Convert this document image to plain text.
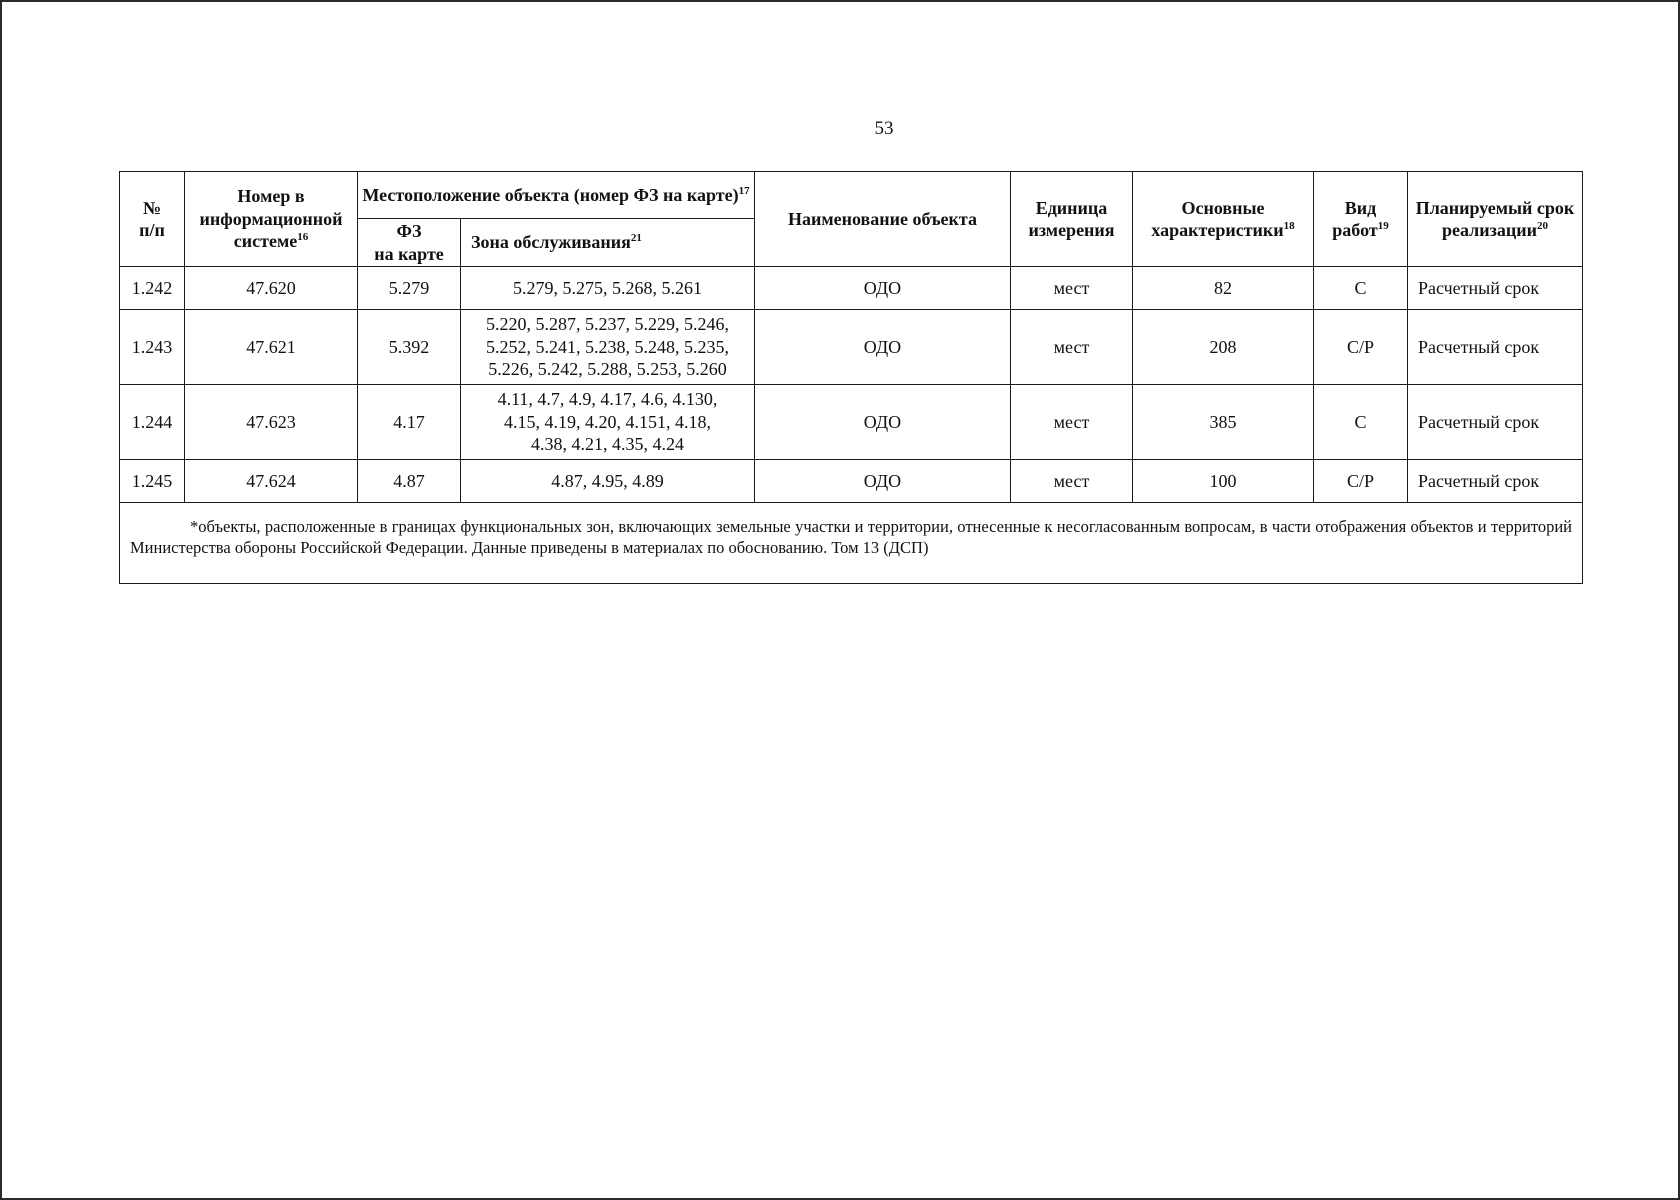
53
№
п/п	Номер в информационной системе$^{16}$	Местоположение объекта (номер ФЗ на карте)$^{17}$		Наименование объекта	Единица измерения	Основные характеристики$^{18}$	Вид работ$^{19}$	Планируемый срок реализации$^{20}$
		ФЗ
на карте	Зона обслуживания$^{21}$
1.242	47.620	5.279	5.279, 5.275, 5.268, 5.261	ОДО	мест	82	С	Расчетный срок
1.243	47.621	5.392	5.220, 5.287, 5.237, 5.229, 5.246,
5.252, 5.241, 5.238, 5.248, 5.235,
5.226, 5.242, 5.288, 5.253, 5.260	ОДО	мест	208	С/Р	Расчетный срок
1.244	47.623	4.17	4.11, 4.7, 4.9, 4.17, 4.6, 4.130,
4.15, 4.19, 4.20, 4.151, 4.18,
4.38, 4.21, 4.35, 4.24	ОДО	мест	385	С	Расчетный срок
1.245	47.624	4.87	4.87, 4.95, 4.89	ОДО	мест	100	С/Р	Расчетный срок

*объекты, расположенные в границах функциональных зон, включающих земельные участки и территории, отнесенные к несогласованным вопросам, в части отображения объектов и территорий Министерства обороны Российской Федерации. Данные приведены в материалах по обоснованию. Том 13 (ДСП)								
